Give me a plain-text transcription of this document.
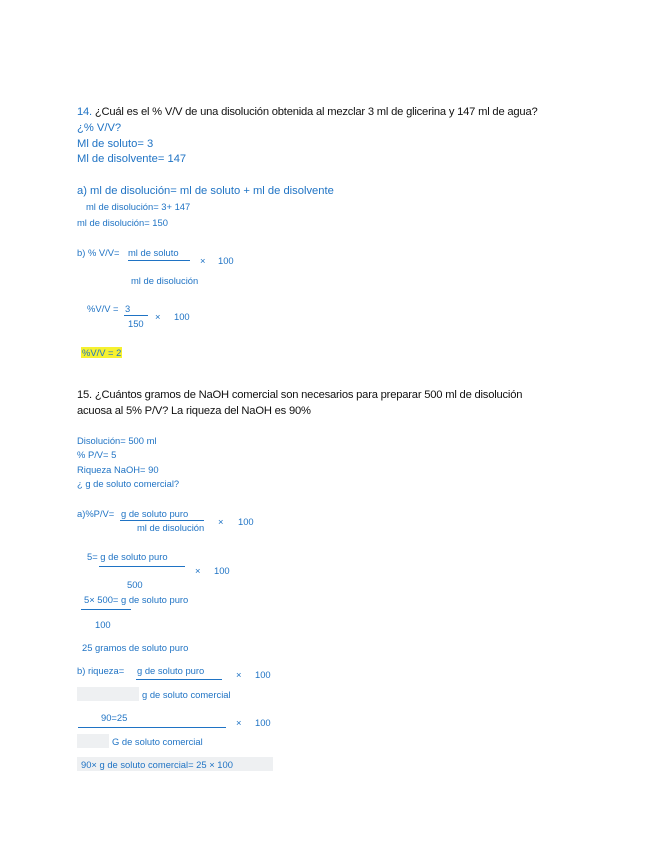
14. ¿Cuál es el % V/V de una disolución obtenida al mezclar 3 ml de glicerina y 147 ml de agua?
¿% V/V?
Ml de soluto= 3
Ml de disolvente= 147
a) ml de disolución= ml de soluto + ml de disolvente
ml de disolución= 3+ 147
ml de disolución= 150
b) % V/V= ml de soluto
× 100
ml de disolución
%V/V = 3
× 100
150
%V/V = 2
15. ¿Cuántos gramos de NaOH comercial son necesarios para preparar 500 ml de disolución
acuosa al 5% P/V? La riqueza del NaOH es 90%
Disolución= 500 ml
% P/V= 5
Riqueza NaOH= 90
¿ g de soluto comercial?
a)%P/V= g de soluto puro
× 100
ml de disolución
5= g de soluto puro
× 100
500
5× 500= g de soluto puro
100
25 gramos de soluto puro
b) riqueza= g de soluto puro	× 100
g de soluto comercial
90=25	× 100
G de soluto comercial
90× g de soluto comercial= 25 × 100
